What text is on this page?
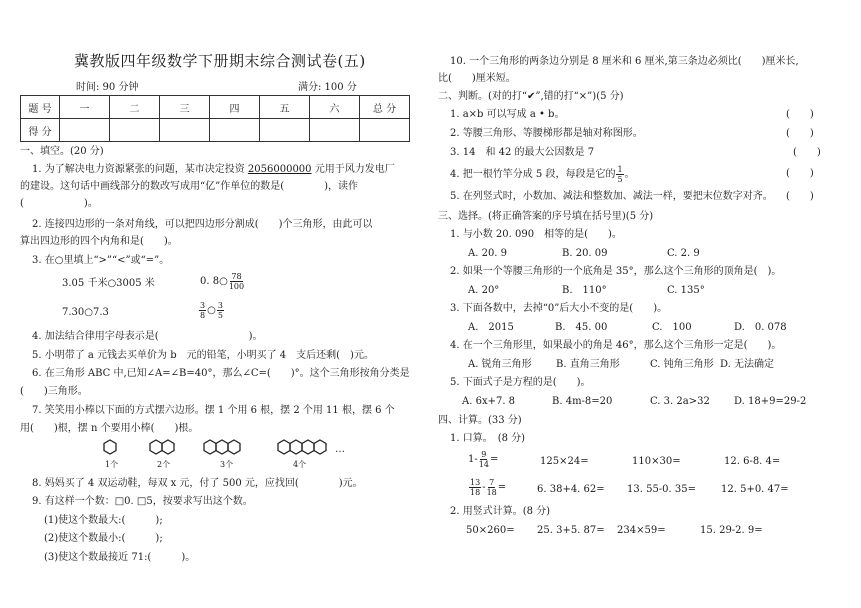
冀教版四年级数学下册期末综合测试卷(五)
时间: 90 分钟	满分: 100 分
题 号	一	二	三	四	五	六	总 分
得 分							
一、填空。(20 分)
1. 为了解决电力资源紧张的问题，某市决定投资 2056000000 元用于风力发电厂
的建设。这句话中画线部分的数改写成用“亿”作单位的数是(　　　　)，读作
(　　　　　　)。
2. 连接四边形的一条对角线，可以把四边形分割成(　　)个三角形，由此可以
算出四边形的四个内角和是(　　)。
3. 在○里填上“>”“<”或“=”。
3.05 千米○3005 米	0. 8○ $\frac{78}{100}$
7.30○7.3	$\frac{3}{8}$ ○ $\frac{3}{5}$
4. 加法结合律用字母表示是(　　　　　　　　　)。
5. 小明带了 a 元钱去买单价为 b　元的铅笔，小明买了 4　支后还剩(　)元。
6. 在三角形 ABC 中,已知∠A=∠B=40°，那么∠C=(　　)°。这个三角形按角分类是
(　　)三角形。
7. 笑笑用小棒以下面的方式摆六边形。摆 1 个用 6 根，摆 2 个用 11 根，摆 6 个
用(　　)根，摆 n 个要用小棒(　　)根。
1个	2个	3个	4个
…
8. 妈妈买了 4 双运动鞋，每双 x 元，付了 500 元，应找回(　　　　)元。
9. 有这样一个数：□0. □5，按要求写出这个数。
(1)使这个数最大:(　　　);
(2)使这个数最小:(　　　);
(3)使这个数最接近 71:(　　　)。
10. 一个三角形的两条边分别是 8 厘米和 6 厘米,第三条边必须比(　　)厘米长,
比(　　)厘米短。
二、判断。(对的打“✔”,错的打“×”)(5 分)
1. a×b 可以写成 a • b。	(　　)
2. 等腰三角形、等腰梯形都是轴对称图形。	(　　)
3. 14　和 42 的最大公因数是 7	(　　)
4. 把一根竹竿分成 5 段，每段是它的 $\frac{1}{5}$ 。	(　　)
5. 在列竖式时，小数加、减法和整数加、减法一样，要把末位数字对齐。 (　　)
三、选择。(将正确答案的序号填在括号里)(5 分)
1. 与小数 20. 090　相等的是(　　)。
A. 20. 9	B. 20. 09	C. 2. 9
2. 如果一个等腰三角形的一个底角是 35°，那么这个三角形的顶角是(　)。
A. 20°	B.　110°	C. 135°
3. 下面各数中，去掉“0”后大小不变的是(　　)。
A.　2015	B.　45. 00	C.　100	D.　0. 078
4. 在一个三角形里，如果最小的角是 46°，那么这个三角形一定是(　　)。
A. 锐角三角形 B. 直角三角形	C. 钝角三角形 D. 无法确定
5. 下面式子是方程的是(　　)。
A. 6x+7. 8	B. 4m-8=20	C. 3. 2a>32 D. 18+9=29-2
四、计算。(33 分)
1. 口算。　(8 分)
$1- \frac{9}{14}$ =	125×24=	110×30=	12. 6-8. 4=
$\frac{13}{18} - \frac{7}{18}$ =	6. 38+4. 62= 13. 55-0. 35= 12. 5+0. 47=
2. 用竖式计算。(8 分)
50×260= 25. 3+5. 87= 234×59=	15. 29-2. 9=
